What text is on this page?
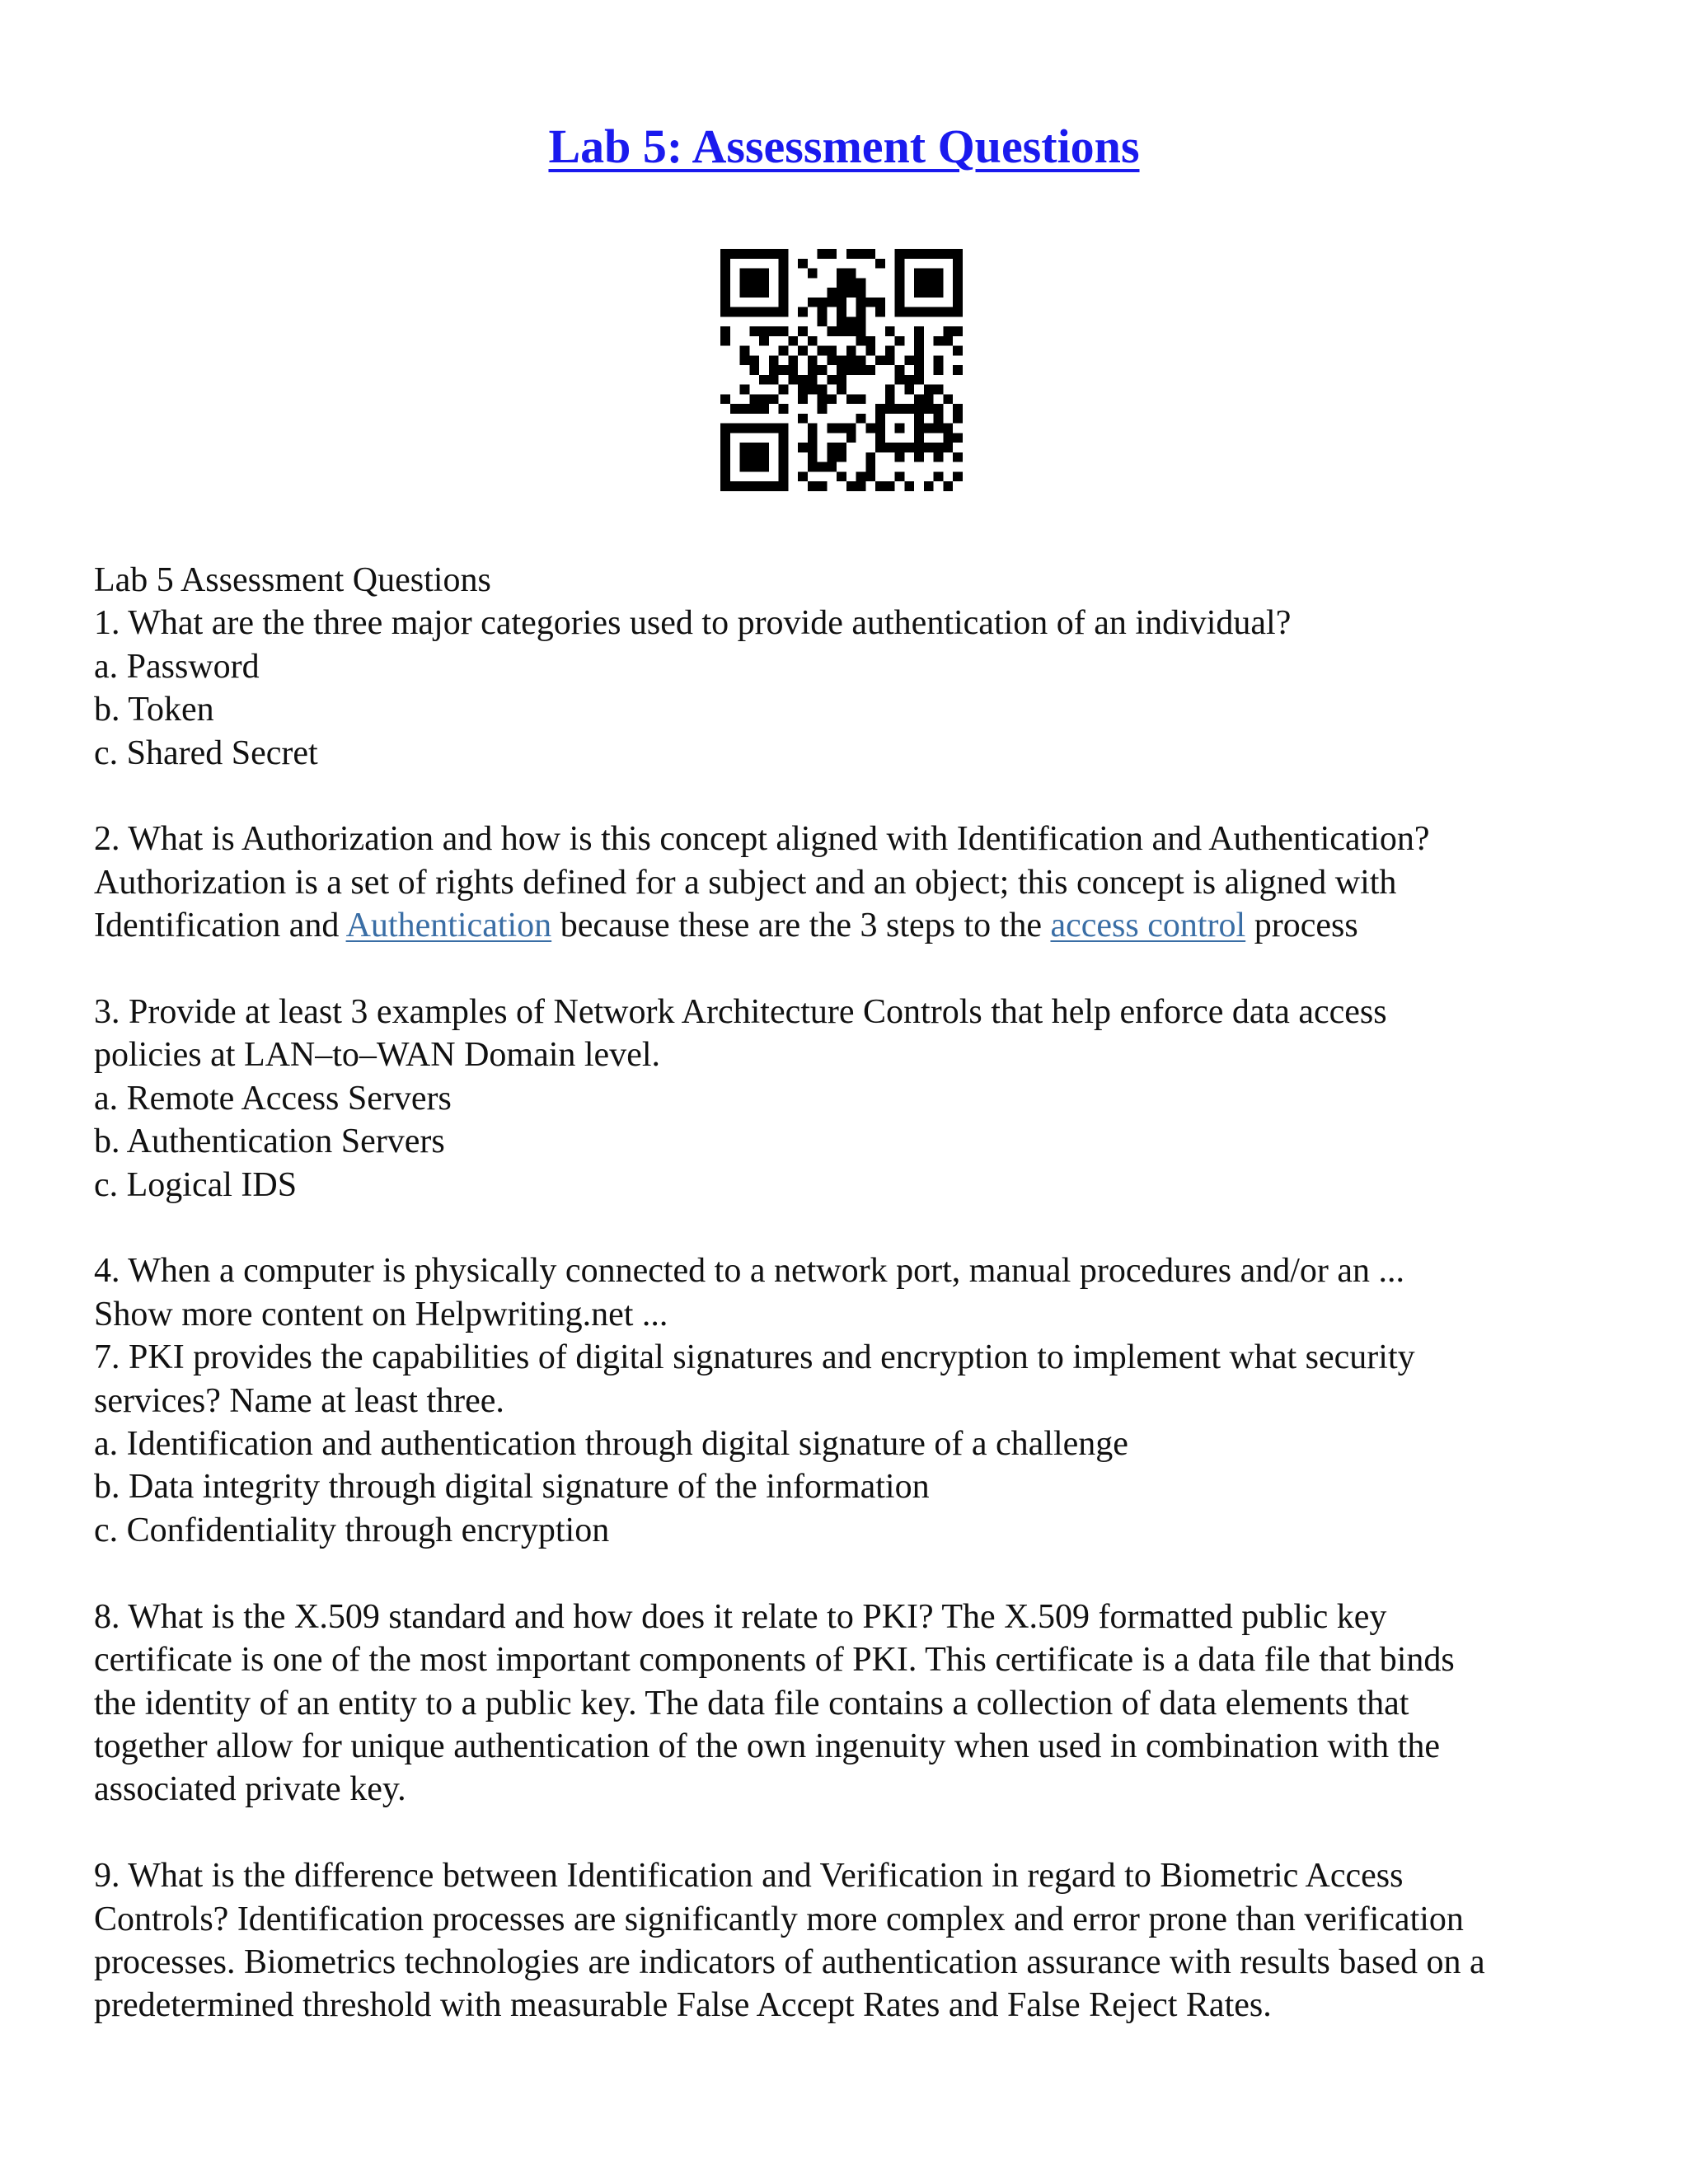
Lab 5: Assessment Questions
Lab 5 Assessment Questions
1. What are the three major categories used to provide authentication of an individual?
a. Password
b. Token
c. Shared Secret
2. What is Authorization and how is this concept aligned with Identification and Authentication?
Authorization is a set of rights defined for a subject and an object; this concept is aligned with
Identification and Authentication because these are the 3 steps to the access control process
3. Provide at least 3 examples of Network Architecture Controls that help enforce data access
policies at LAN–to–WAN Domain level.
a. Remote Access Servers
b. Authentication Servers
c. Logical IDS
4. When a computer is physically connected to a network port, manual procedures and/or an ...
Show more content on Helpwriting.net ...
7. PKI provides the capabilities of digital signatures and encryption to implement what security
services? Name at least three.
a. Identification and authentication through digital signature of a challenge
b. Data integrity through digital signature of the information
c. Confidentiality through encryption
8. What is the X.509 standard and how does it relate to PKI? The X.509 formatted public key
certificate is one of the most important components of PKI. This certificate is a data file that binds
the identity of an entity to a public key. The data file contains a collection of data elements that
together allow for unique authentication of the own ingenuity when used in combination with the
associated private key.
9. What is the difference between Identification and Verification in regard to Biometric Access
Controls? Identification processes are significantly more complex and error prone than verification
processes. Biometrics technologies are indicators of authentication assurance with results based on a
predetermined threshold with measurable False Accept Rates and False Reject Rates.
